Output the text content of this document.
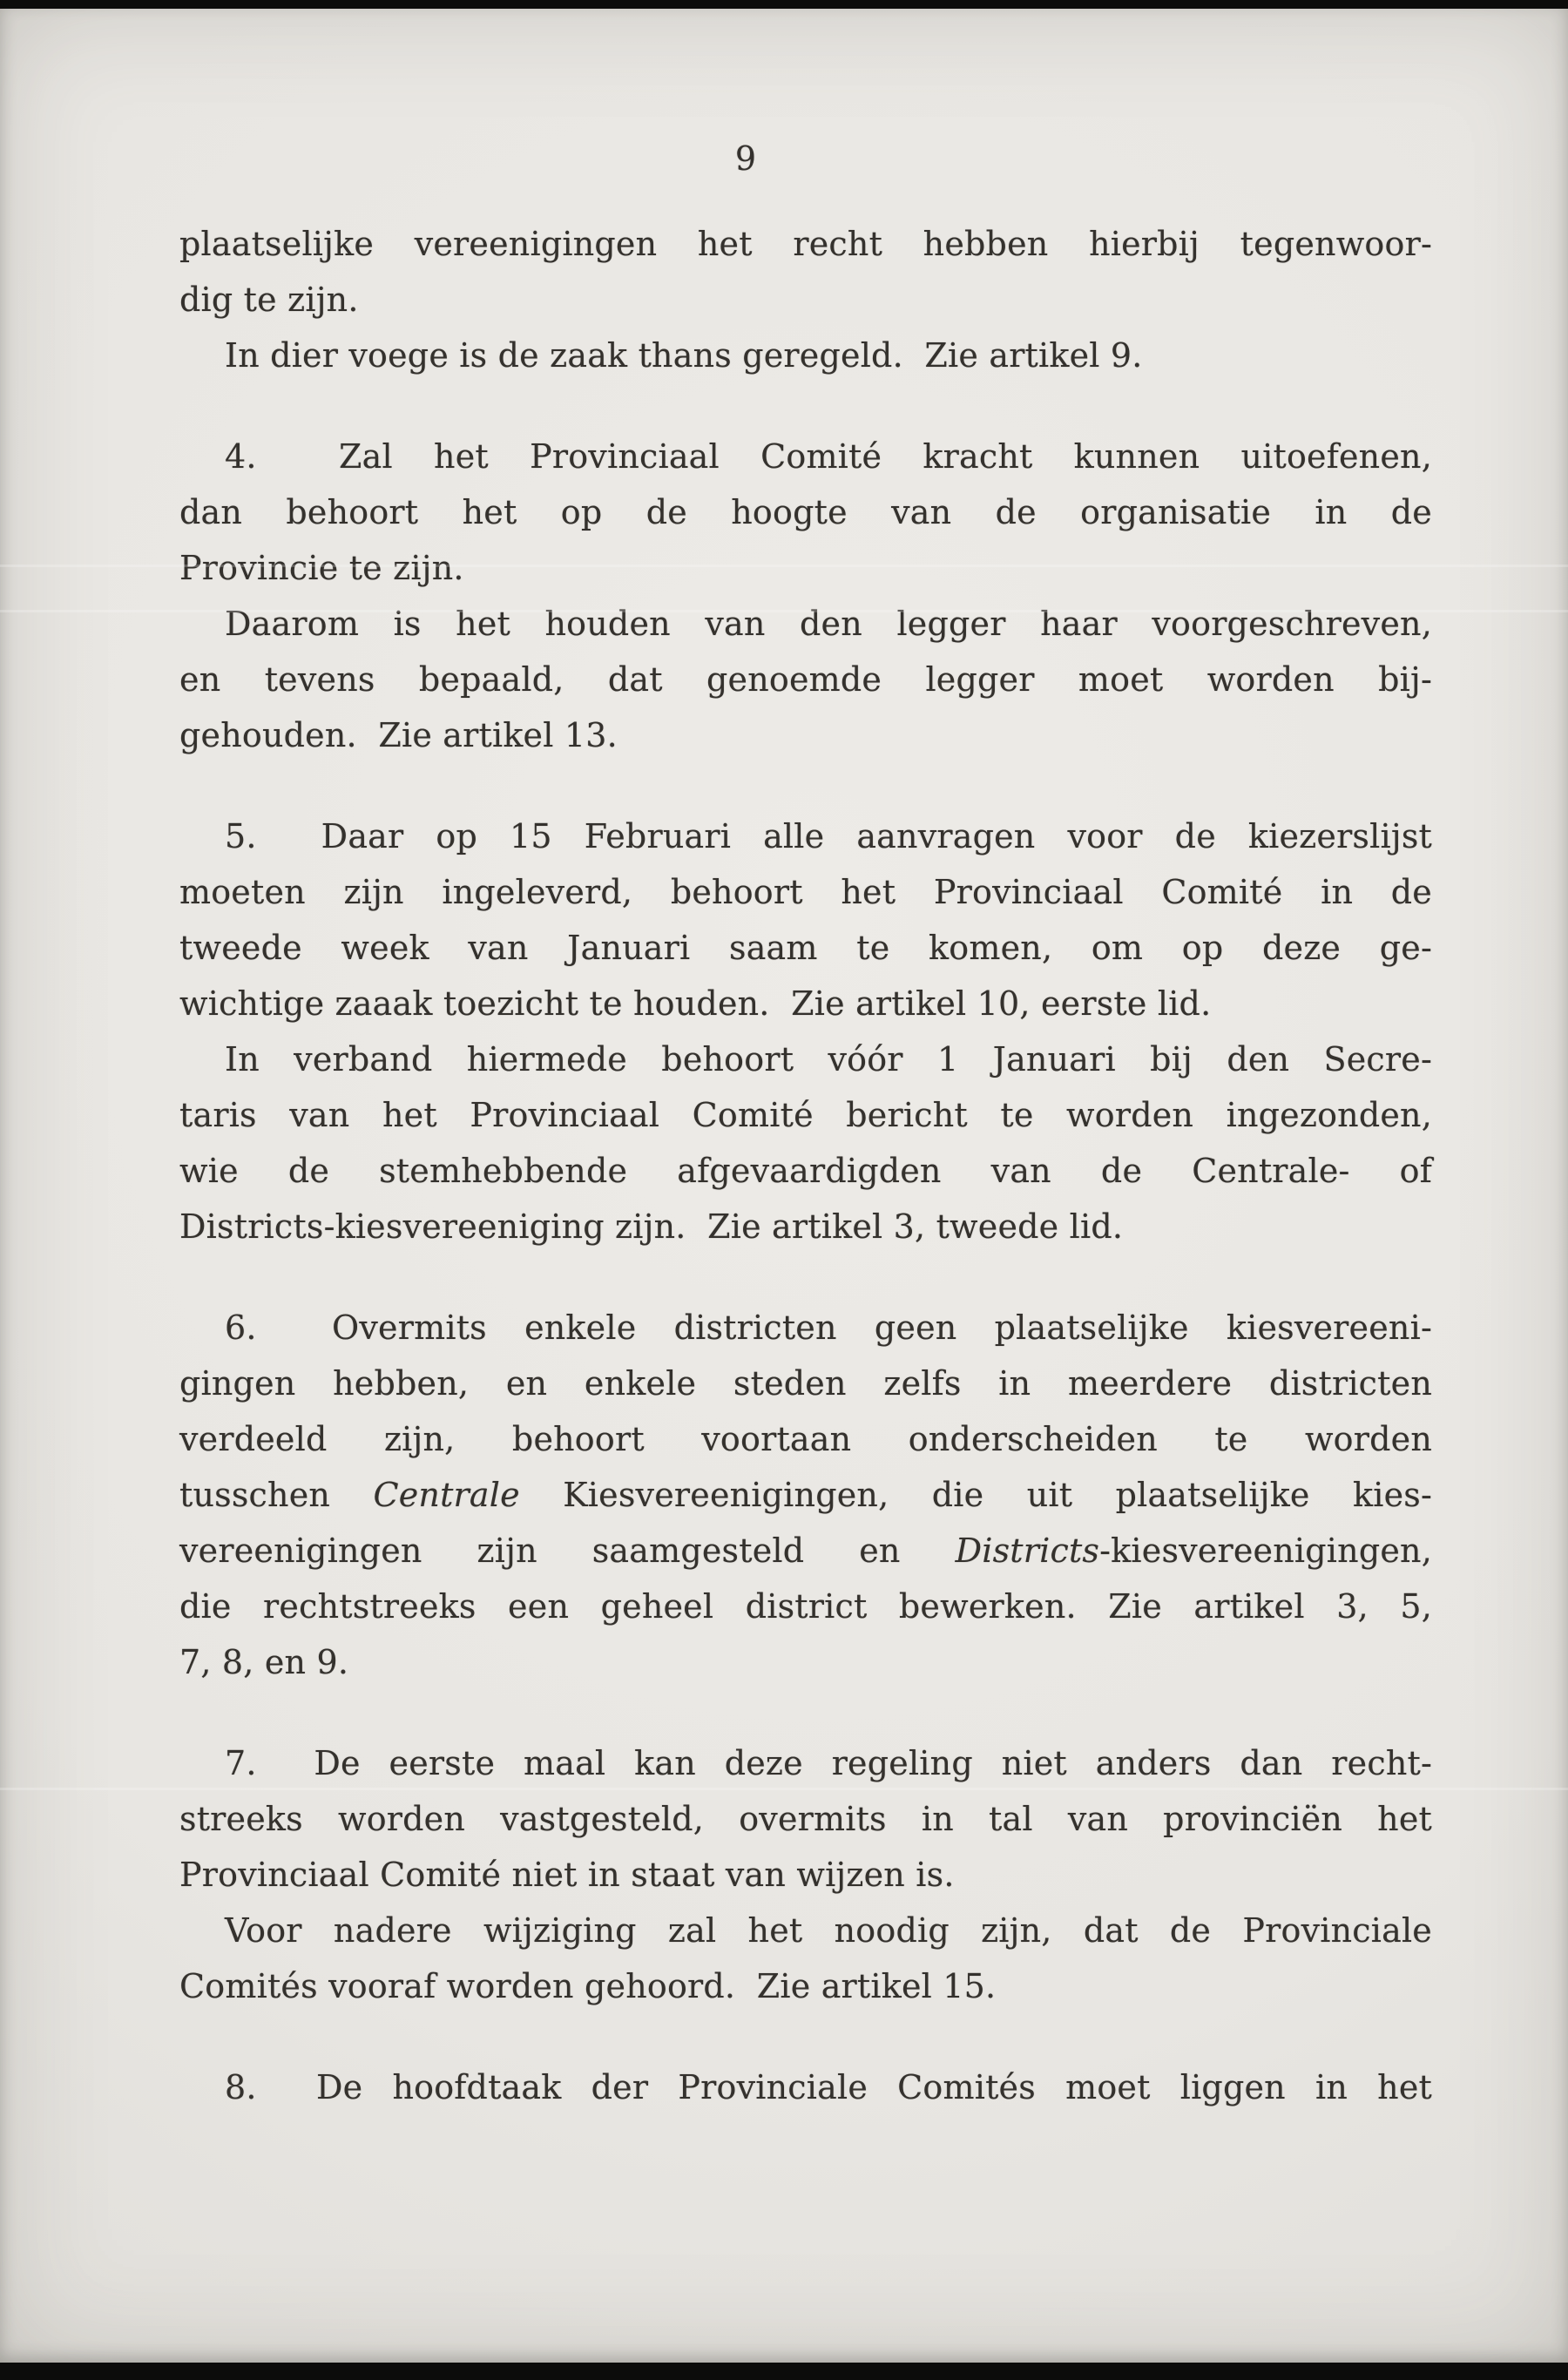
9

plaatselijke vereenigingen het recht hebben hierbij tegenwoor-
dig te zijn.

In dier voege is de zaak thans geregeld.  Zie artikel 9.

4.  Zal het Provinciaal Comité kracht kunnen uitoefenen,
dan behoort het op de hoogte van de organisatie in de
Provincie te zijn.

Daarom is het houden van den legger haar voorgeschreven,
en tevens bepaald, dat genoemde legger moet worden bij-
gehouden.  Zie artikel 13.

5.  Daar op 15 Februari alle aanvragen voor de kiezerslijst
moeten zijn ingeleverd, behoort het Provinciaal Comité in de
tweede week van Januari saam te komen, om op deze ge-
wichtige zaaak toezicht te houden.  Zie artikel 10, eerste lid.

In verband hiermede behoort vóór 1 Januari bij den Secre-
taris van het Provinciaal Comité bericht te worden ingezonden,
wie de stemhebbende afgevaardigden van de Centrale- of
Districts-kiesvereeniging zijn.  Zie artikel 3, tweede lid.

6.  Overmits enkele districten geen plaatselijke kiesvereeni-
gingen hebben, en enkele steden zelfs in meerdere districten
verdeeld zijn, behoort voortaan onderscheiden te worden
tusschen Centrale Kiesvereenigingen, die uit plaatselijke kies-
vereenigingen zijn saamgesteld en Districts-kiesvereenigingen,
die rechtstreeks een geheel district bewerken. Zie artikel 3, 5,
7, 8, en 9.

7.  De eerste maal kan deze regeling niet anders dan recht-
streeks worden vastgesteld, overmits in tal van provinciën het
Provinciaal Comité niet in staat van wijzen is.

Voor nadere wijziging zal het noodig zijn, dat de Provinciale
Comités vooraf worden gehoord.  Zie artikel 15.

8.  De hoofdtaak der Provinciale Comités moet liggen in het
